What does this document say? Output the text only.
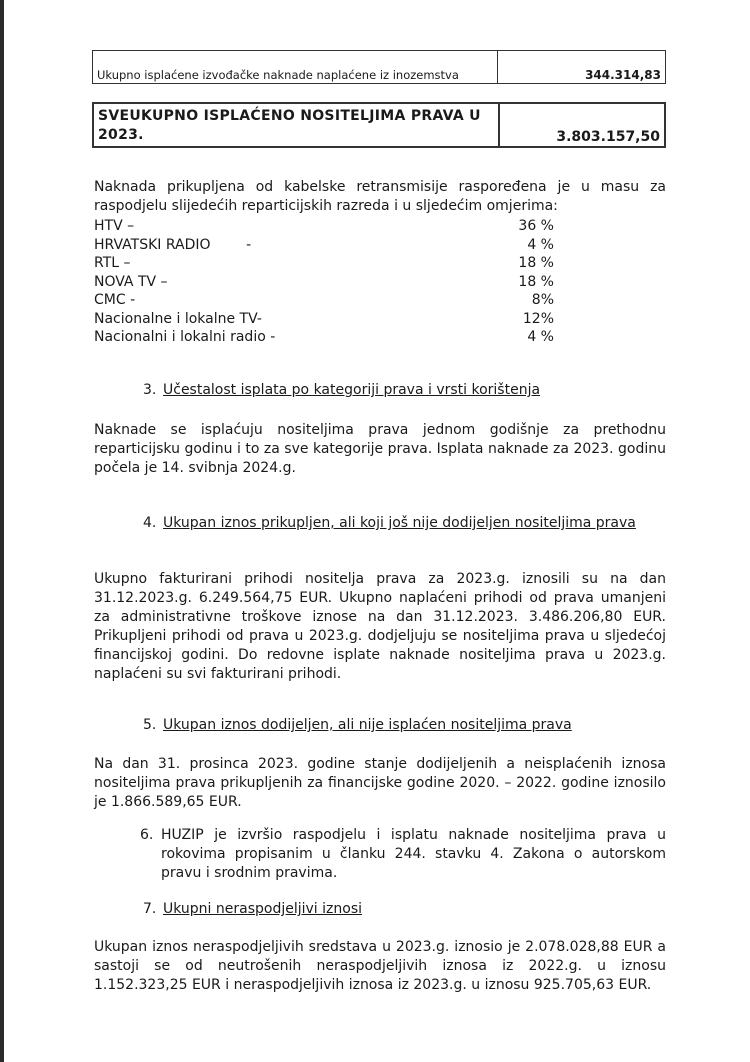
Ukupno isplaćene izvođačke naknade naplaćene iz inozemstva	344.314,83
SVEUKUPNO ISPLAĆENO NOSITELJIMA PRAVA U 2023.	3.803.157,50

Naknada prikupljena od kabelske retransmisije raspoređena je u masu za raspodjelu slijedećih reparticijskih razreda i u sljedećim omjerima:

HTV –	36 %
HRVATSKI RADIO        -	4 %
RTL –	18 %
NOVA TV –	18 %
CMC -	8%
Nacionalne i lokalne TV-	12%
Nacionalni i lokalni radio -	4 %
3. Učestalost isplata po kategoriji prava i vrsti korištenja

Naknade se isplaćuju nositeljima prava jednom godišnje za prethodnu reparticijsku godinu i to za sve kategorije prava. Isplata naknade za 2023. godinu počela je 14. svibnja 2024.g.

4. Ukupan iznos prikupljen, ali koji još nije dodijeljen nositeljima prava

Ukupno fakturirani prihodi nositelja prava za 2023.g. iznosili su na dan 31.12.2023.g. 6.249.564,75 EUR. Ukupno naplaćeni prihodi od prava umanjeni za administrativne troškove iznose na dan 31.12.2023. 3.486.206,80 EUR. Prikupljeni prihodi od prava u 2023.g. dodjeljuju se nositeljima prava u sljedećoj financijskoj godini. Do redovne isplate naknade nositeljima prava u 2023.g. naplaćeni su svi fakturirani prihodi.

5. Ukupan iznos dodijeljen, ali nije isplaćen nositeljima prava

Na dan 31. prosinca 2023. godine stanje dodijeljenih a neisplaćenih iznosa nositeljima prava prikupljenih za financijske godine 2020. – 2022. godine iznosilo je 1.866.589,65 EUR.

6. HUZIP je izvršio raspodjelu i isplatu naknade nositeljima prava u rokovima propisanim u članku 244. stavku 4. Zakona o autorskom pravu i srodnim pravima.
7. Ukupni neraspodjeljivi iznosi

Ukupan iznos neraspodjeljivih sredstava u 2023.g. iznosio je 2.078.028,88 EUR a sastoji se od neutrošenih neraspodjeljivih iznosa iz 2022.g. u iznosu 1.152.323,25 EUR i neraspodjeljivih iznosa iz 2023.g. u iznosu 925.705,63 EUR.
